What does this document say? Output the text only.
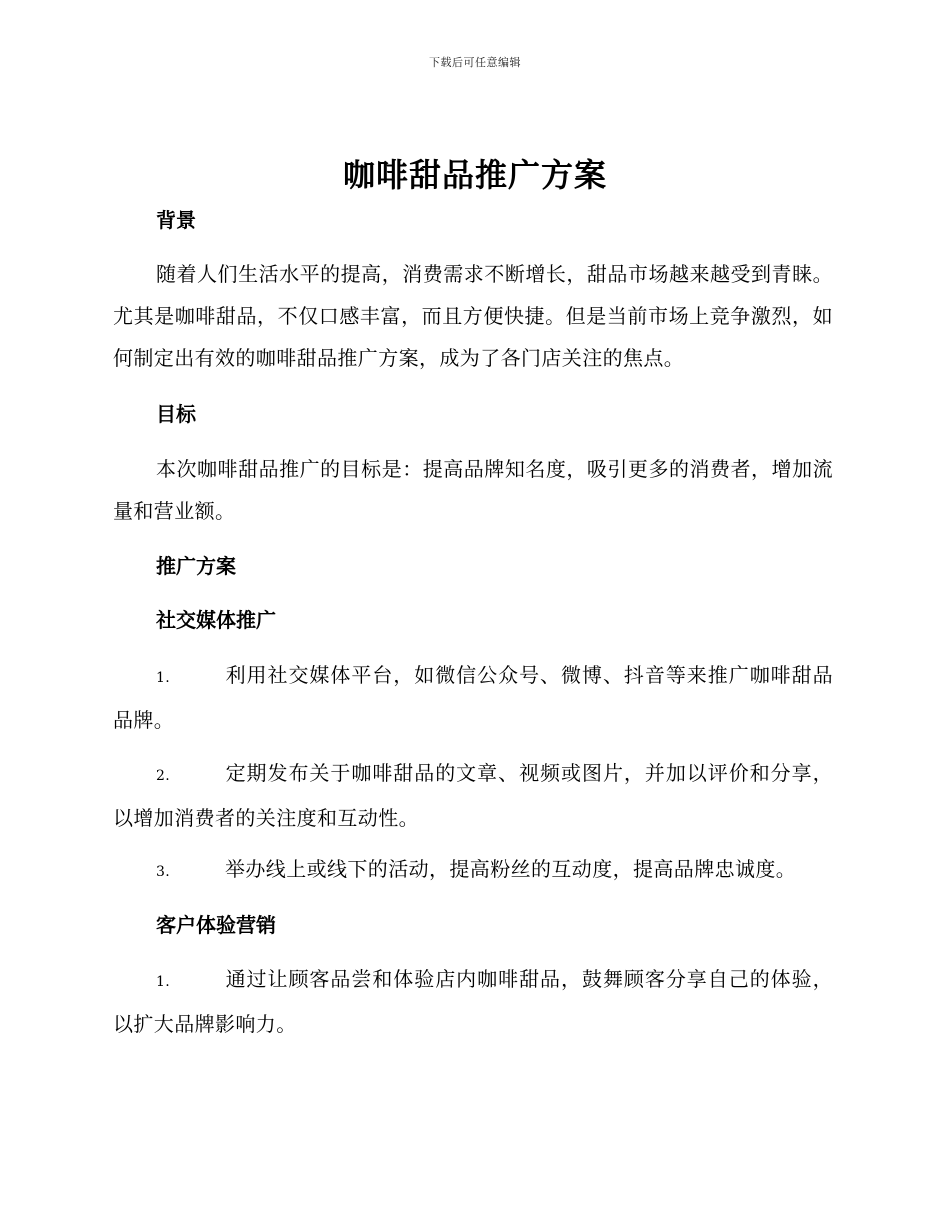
下载后可任意编辑
咖啡甜品推广方案
背景
随着人们生活水平的提高，消费需求不断增长，甜品市场越来越受到青睐。尤其是咖啡甜品，不仅口感丰富，而且方便快捷。但是当前市场上竞争激烈，如何制定出有效的咖啡甜品推广方案，成为了各门店关注的焦点。
目标
本次咖啡甜品推广的目标是：提高品牌知名度，吸引更多的消费者，增加流量和营业额。
推广方案
社交媒体推广
1.	利用社交媒体平台，如微信公众号、微博、抖音等来推广咖啡甜品品牌。
2.	定期发布关于咖啡甜品的文章、视频或图片，并加以评价和分享，以增加消费者的关注度和互动性。
3.	举办线上或线下的活动，提高粉丝的互动度，提高品牌忠诚度。
客户体验营销
1.	通过让顾客品尝和体验店内咖啡甜品，鼓舞顾客分享自己的体验，以扩大品牌影响力。
